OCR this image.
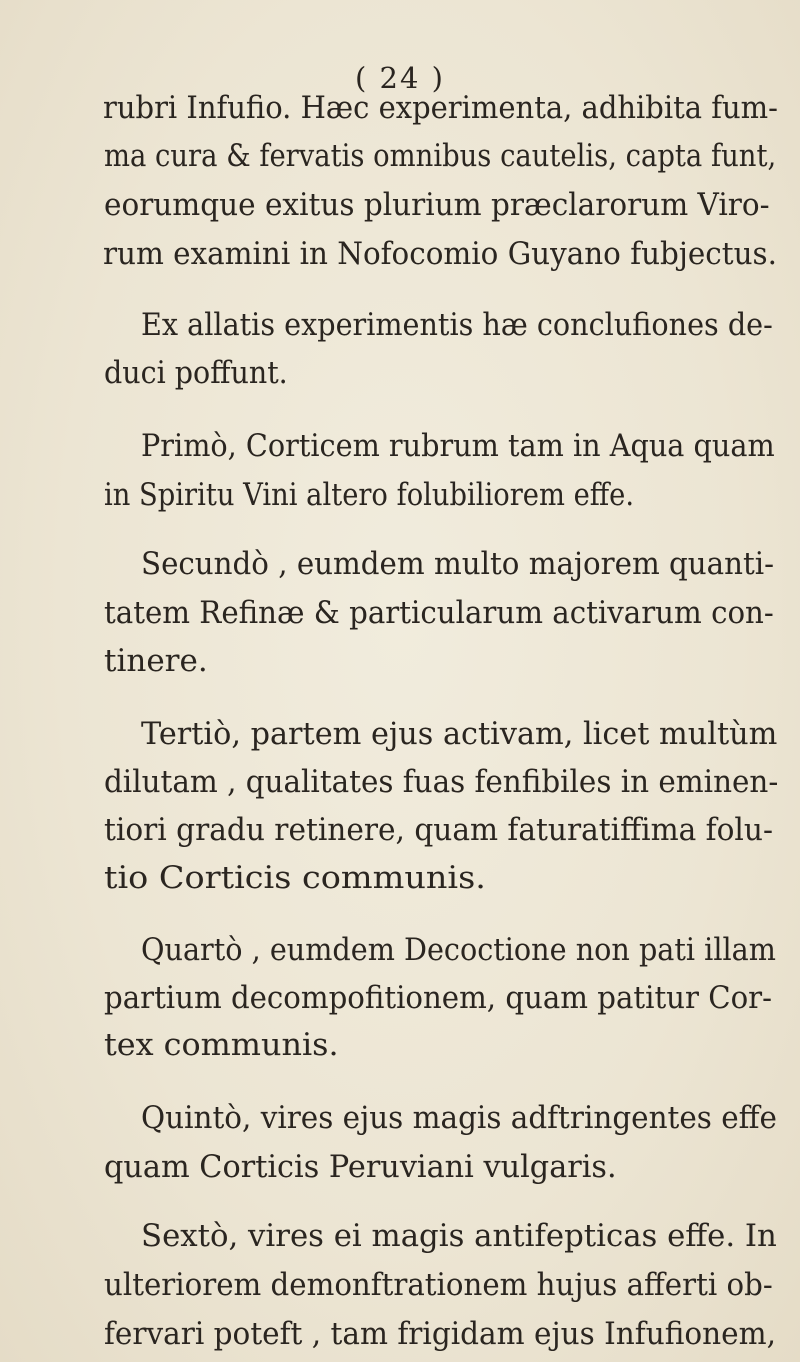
( 24 )
rubri Infufio. Hæc experimenta, adhibita fum-
ma cura & fervatis omnibus cautelis, capta funt,
eorumque exitus plurium præclarorum Viro-
rum examini in Nofocomio Guyano fubjectus.
Ex allatis experimentis hæ conclufiones de-
duci poffunt.
Primò, Corticem rubrum tam in Aqua quam
in Spiritu Vini altero folubiliorem effe.
Secundò , eumdem multo majorem quanti-
tatem Refinæ & particularum activarum con-
tinere.
Tertiò, partem ejus activam, licet multùm
dilutam , qualitates fuas fenfibiles in eminen-
tiori gradu retinere, quam faturatiffima folu-
tio Corticis communis.
Quartò , eumdem Decoctione non pati illam
partium decompofitionem, quam patitur Cor-
tex communis.
Quintò, vires ejus magis adftringentes effe
quam Corticis Peruviani vulgaris.
Sextò, vires ei magis antifepticas effe. In
ulteriorem demonftrationem hujus afferti ob-
fervari poteft , tam frigidam ejus Infufionem,
